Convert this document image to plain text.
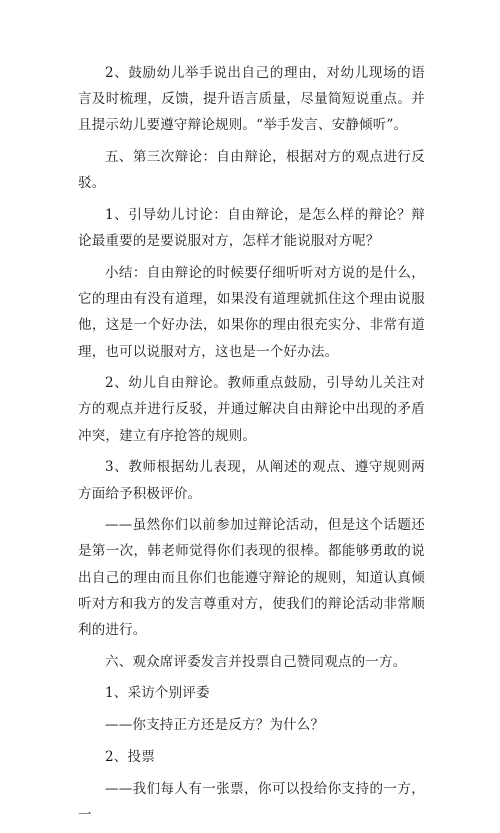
2、鼓励幼儿举手说出自己的理由，对幼儿现场的语言及时梳理，反馈，提升语言质量，尽量简短说重点。并且提示幼儿要遵守辩论规则。“举手发言、安静倾听”。

五、第三次辩论：自由辩论，根据对方的观点进行反驳。

1、引导幼儿讨论：自由辩论，是怎么样的辩论？辩论最重要的是要说服对方，怎样才能说服对方呢？

小结：自由辩论的时候要仔细听听对方说的是什么，它的理由有没有道理，如果没有道理就抓住这个理由说服他，这是一个好办法，如果你的理由很充实分、非常有道理，也可以说服对方，这也是一个好办法。

2、幼儿自由辩论。教师重点鼓励，引导幼儿关注对方的观点并进行反驳，并通过解决自由辩论中出现的矛盾冲突，建立有序抢答的规则。

3、教师根据幼儿表现，从阐述的观点、遵守规则两方面给予积极评价。

——虽然你们以前参加过辩论活动，但是这个话题还是第一次，韩老师觉得你们表现的很棒。都能够勇敢的说出自己的理由而且你们也能遵守辩论的规则，知道认真倾听对方和我方的发言尊重对方，使我们的辩论活动非常顺利的进行。

六、观众席评委发言并投票自己赞同观点的一方。

1、采访个别评委

——你支持正方还是反方？为什么？

2、投票

——我们每人有一张票，你可以投给你支持的一方，一
